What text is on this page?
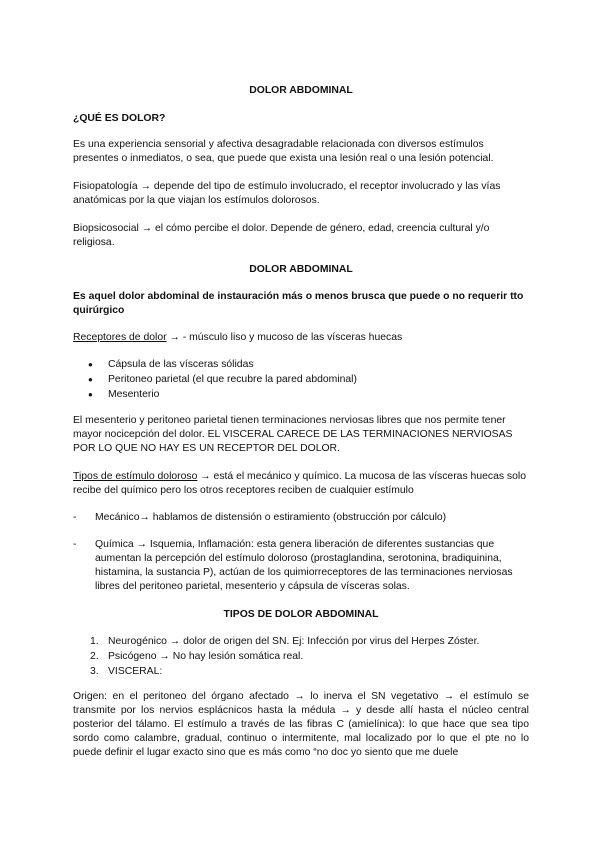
DOLOR ABDOMINAL
¿QUÉ ES DOLOR?

Es una experiencia sensorial y afectiva desagradable relacionada con diversos estímulos presentes o inmediatos, o sea, que puede que exista una lesión real o una lesión potencial.

Fisiopatología → depende del tipo de estímulo involucrado, el receptor involucrado y las vías anatómicas por la que viajan los estímulos dolorosos.

Biopsicosocial → el cómo percibe el dolor. Depende de género, edad, creencia cultural y/o religiosa.

DOLOR ABDOMINAL

Es aquel dolor abdominal de instauración más o menos brusca que puede o no requerir tto quirúrgico

Receptores de dolor → - músculo liso y mucoso de las vísceras huecas

● Cápsula de las vísceras sólidas
● Peritoneo parietal (el que recubre la pared abdominal)
● Mesenterio

El mesenterio y peritoneo parietal tienen terminaciones nerviosas libres que nos permite tener mayor nocicepción del dolor. EL VISCERAL CARECE DE LAS TERMINACIONES NERVIOSAS POR LO QUE NO HAY ES UN RECEPTOR DEL DOLOR.

Tipos de estímulo doloroso → está el mecánico y químico. La mucosa de las vísceras huecas solo recibe del químico pero los otros receptores reciben de cualquier estímulo

- Mecánico→ hablamos de distensión o estiramiento (obstrucción por cálculo)
- Química → Isquemia, Inflamación: esta genera liberación de diferentes sustancias que aumentan la percepción del estímulo doloroso (prostaglandina, serotonina, bradiquinina, histamina, la sustancia P), actúan de los quimiorreceptores de las terminaciones nerviosas libres del peritoneo parietal, mesenterio y cápsula de vísceras solas.
TIPOS DE DOLOR ABDOMINAL
1. Neurogénico → dolor de origen del SN. Ej: Infección por virus del Herpes Zóster.
2. Psicógeno → No hay lesión somática real.
3. VISCERAL:

Origen: en el peritoneo del órgano afectado → lo inerva el SN vegetativo → el estímulo se transmite por los nervios esplácnicos hasta la médula → y desde allí hasta el núcleo central posterior del tálamo. El estímulo a través de las fibras C (amielínica): lo que hace que sea tipo sordo como calambre, gradual, continuo o intermitente, mal localizado por lo que el pte no lo puede definir el lugar exacto sino que es más como “no doc yo siento que me duele
